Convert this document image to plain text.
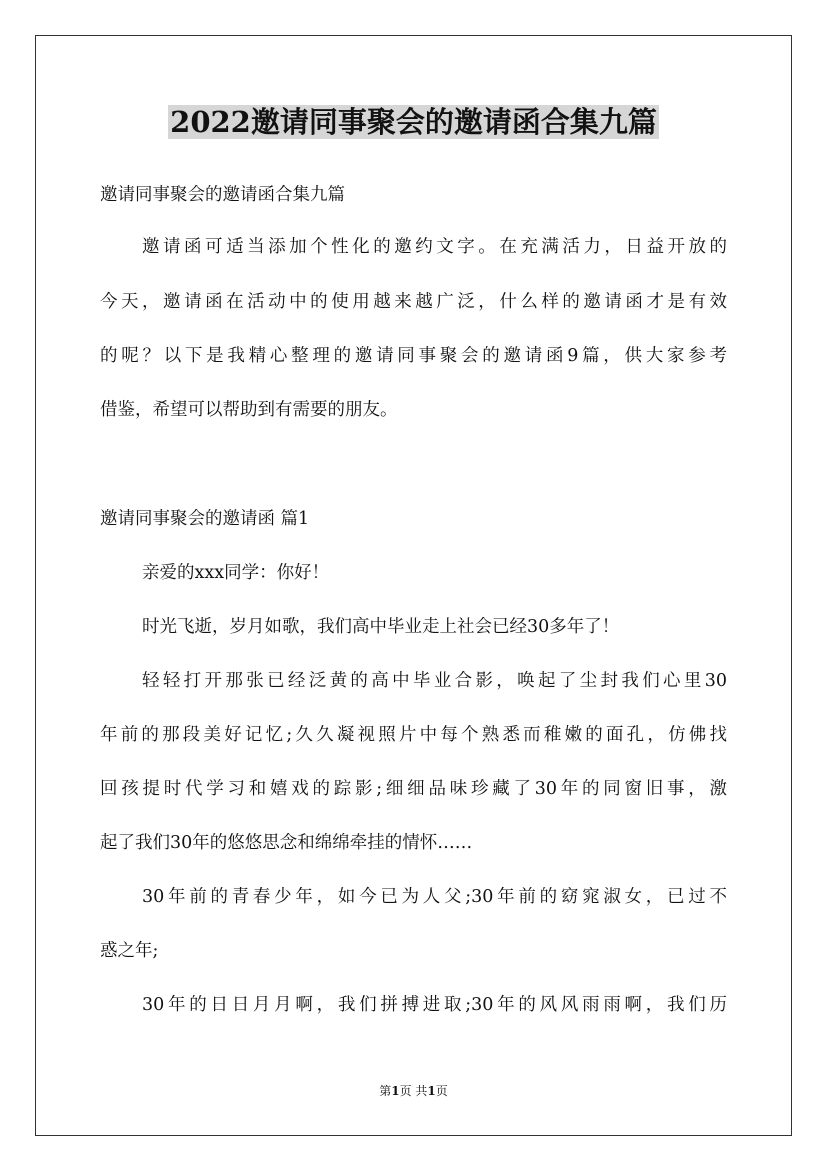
2022邀请同事聚会的邀请函合集九篇
邀请同事聚会的邀请函合集九篇
邀请函可适当添加个性化的邀约文字。在充满活力，日益开放的
今天，邀请函在活动中的使用越来越广泛，什么样的邀请函才是有效
的呢？以下是我精心整理的邀请同事聚会的邀请函9篇，供大家参考
借鉴，希望可以帮助到有需要的朋友。
邀请同事聚会的邀请函 篇1
亲爱的xxx同学：你好！
时光飞逝，岁月如歌，我们高中毕业走上社会已经30多年了！
轻轻打开那张已经泛黄的高中毕业合影，唤起了尘封我们心里30
年前的那段美好记忆;久久凝视照片中每个熟悉而稚嫩的面孔，仿佛找
回孩提时代学习和嬉戏的踪影;细细品味珍藏了30年的同窗旧事，激
起了我们30年的悠悠思念和绵绵牵挂的情怀……
30年前的青春少年，如今已为人父;30年前的窈窕淑女，已过不
惑之年;
30年的日日月月啊，我们拼搏进取;30年的风风雨雨啊，我们历
第1页 共1页
